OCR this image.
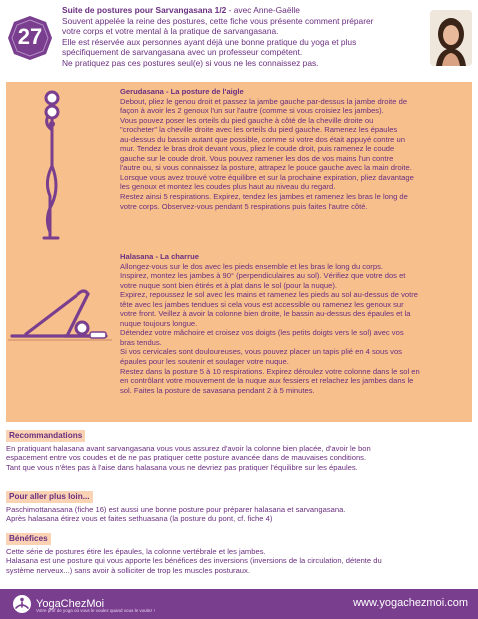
27
Suite de postures pour Sarvangasana 1/2 - avec Anne-Gaëlle
Souvent appelée la reine des postures, cette fiche vous présente comment préparer
votre corps et votre mental à la pratique de sarvangasana.
Elle est réservée aux personnes ayant déjà une bonne pratique du yoga et plus
spécifiquement de sarvangasana avec un professeur compétent.
Ne pratiquez pas ces postures seul(e) si vous ne les connaissez pas.
Gerudasana - La posture de l'aigle
Debout, pliez le genou droit et passez la jambe gauche par-dessus la jambe droite de
façon à avoir les 2 genoux l'un sur l'autre (comme si vous croisiez les jambes).
Vous pouvez poser les orteils du pied gauche à côté de la cheville droite ou
"crocheter" la cheville droite avec les orteils du pied gauche. Ramenez les épaules
au-dessus du bassin autant que possible, comme si votre dos était appuyé contre un
mur. Tendez le bras droit devant vous, pliez le coude droit, puis ramenez le coude
gauche sur le coude droit. Vous pouvez ramener les dos de vos mains l'un contre
l'autre ou, si vous connaissez la posture, attrapez le pouce gauche avec la main droite.
Lorsque vous avez trouvé votre équilibre et sur la prochaine expiration, pliez davantage
les genoux et montez les coudes plus haut au niveau du regard.
Restez ainsi 5 respirations. Expirez, tendez les jambes et ramenez les bras le long de
votre corps. Observez-vous pendant 5 respirations puis faites l'autre côté.
Halasana - La charrue
Allongez-vous sur le dos avec les pieds ensemble et les bras le long du corps.
Inspirez, montez les jambes à 90° (perpendiculaires au sol). Vérifiez que votre dos et
votre nuque sont bien étirés et à plat dans le sol (pour la nuque).
Expirez, repoussez le sol avec les mains et ramenez les pieds au sol au-dessus de votre
tête avec les jambes tendues si cela vous est accessible ou ramenez les genoux sur
votre front. Veillez à avoir la colonne bien droite, le bassin au-dessus des épaules et la
nuque toujours longue.
Détendez votre mâchoire et croisez vos doigts (les petits doigts vers le sol) avec vos
bras tendus.
Si vos cervicales sont douloureuses, vous pouvez placer un tapis plié en 4 sous vos
épaules pour les soutenir et soulager votre nuque.
Restez dans la posture 5 à 10 respirations. Expirez déroulez votre colonne dans le sol en
en contrôlant votre mouvement de la nuque aux fessiers et relachez les jambes dans le
sol. Faites la posture de savasana pendant 2 à 5 minutes.
Recommandations
En pratiquant halasana avant sarvangasana vous vous assurez d'avoir la colonne bien placée, d'avoir le bon
espacement entre vos coudes et de ne pas pratiquer cette posture avancée dans de mauvaises conditions.
Tant que vous n'êtes pas à l'aise dans halasana vous ne devriez pas pratiquer l'équilibre sur les épaules.
Pour aller plus loin...
Paschimottanasana (fiche 16) est aussi une bonne posture pour préparer halasana et sarvangasana.
Après halasana étirez vous et faites sethuasana (la posture du pont, cf. fiche 4)
Bénéfices
Cette série de postures étire les épaules, la colonne vertébrale et les jambes.
Halasana est une posture qui vous apporte les bénéfices des inversions (inversions de la circulation, détente du
système nerveux...) sans avoir à solliciter de trop les muscles posturaux.
YogaChezMoi
Votre prof de yoga où vous le voulez quand vous le voulez !
www.yogachezmoi.com
